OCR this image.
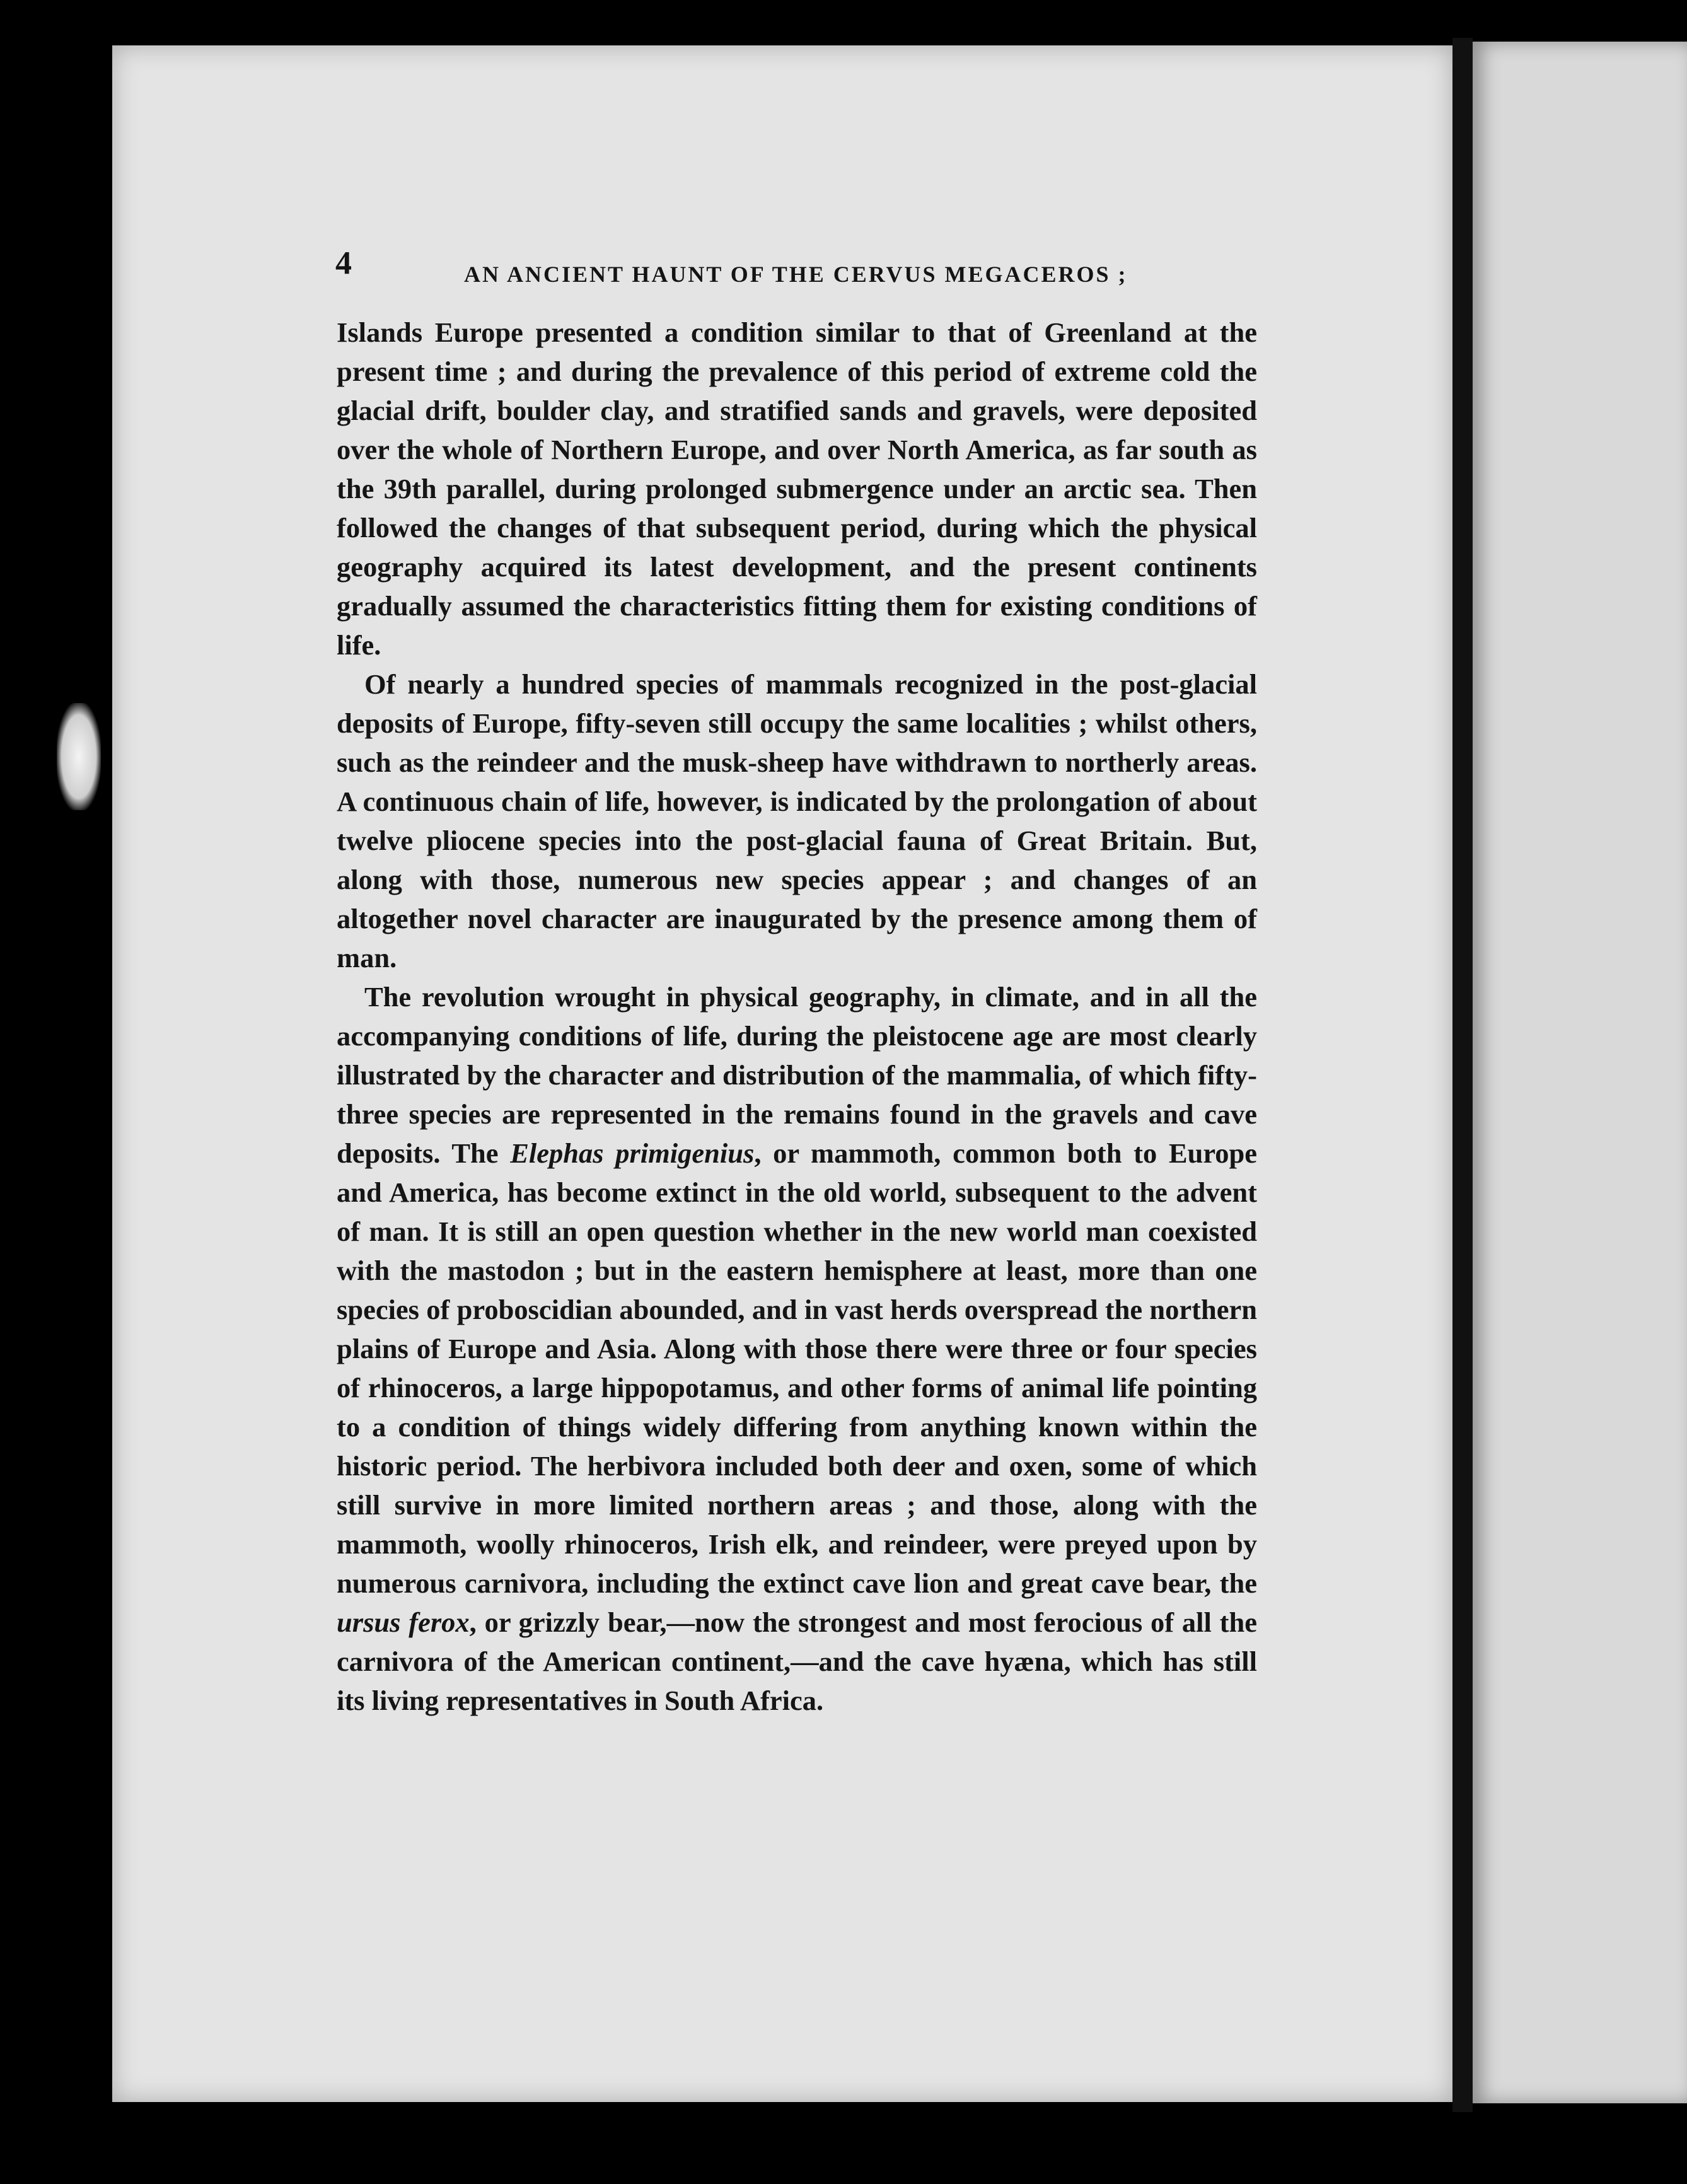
AN ANCIENT HAUNT OF THE CERVUS MEGACEROS ;
4

Islands Europe presented a condition similar to that of Greenland at the present time ; and during the prevalence of this period of extreme cold the glacial drift, boulder clay, and stratified sands and gravels, were deposited over the whole of Northern Europe, and over North America, as far south as the 39th parallel, during prolonged submergence under an arctic sea. Then followed the changes of that subsequent period, during which the physical geography acquired its latest development, and the present continents gradually assumed the characteristics fitting them for existing conditions of life.

Of nearly a hundred species of mammals recognized in the post-glacial deposits of Europe, fifty-seven still occupy the same localities ; whilst others, such as the reindeer and the musk-sheep have withdrawn to northerly areas. A continuous chain of life, however, is indicated by the prolongation of about twelve pliocene species into the post-glacial fauna of Great Britain. But, along with those, numerous new species appear ; and changes of an altogether novel character are inaugurated by the presence among them of man.

The revolution wrought in physical geography, in climate, and in all the accompanying conditions of life, during the pleistocene age are most clearly illustrated by the character and distribution of the mammalia, of which fifty-three species are represented in the remains found in the gravels and cave deposits. The Elephas primigenius, or mammoth, common both to Europe and America, has become extinct in the old world, subsequent to the advent of man. It is still an open question whether in the new world man coexisted with the mastodon ; but in the eastern hemisphere at least, more than one species of proboscidian abounded, and in vast herds overspread the northern plains of Europe and Asia. Along with those there were three or four species of rhinoceros, a large hippopotamus, and other forms of animal life pointing to a condition of things widely differing from anything known within the historic period. The herbivora included both deer and oxen, some of which still survive in more limited northern areas ; and those, along with the mammoth, woolly rhinoceros, Irish elk, and reindeer, were preyed upon by numerous carnivora, including the extinct cave lion and great cave bear, the ursus ferox, or grizzly bear,—now the strongest and most ferocious of all the carnivora of the American continent,—and the cave hyæna, which has still its living representatives in South Africa.
